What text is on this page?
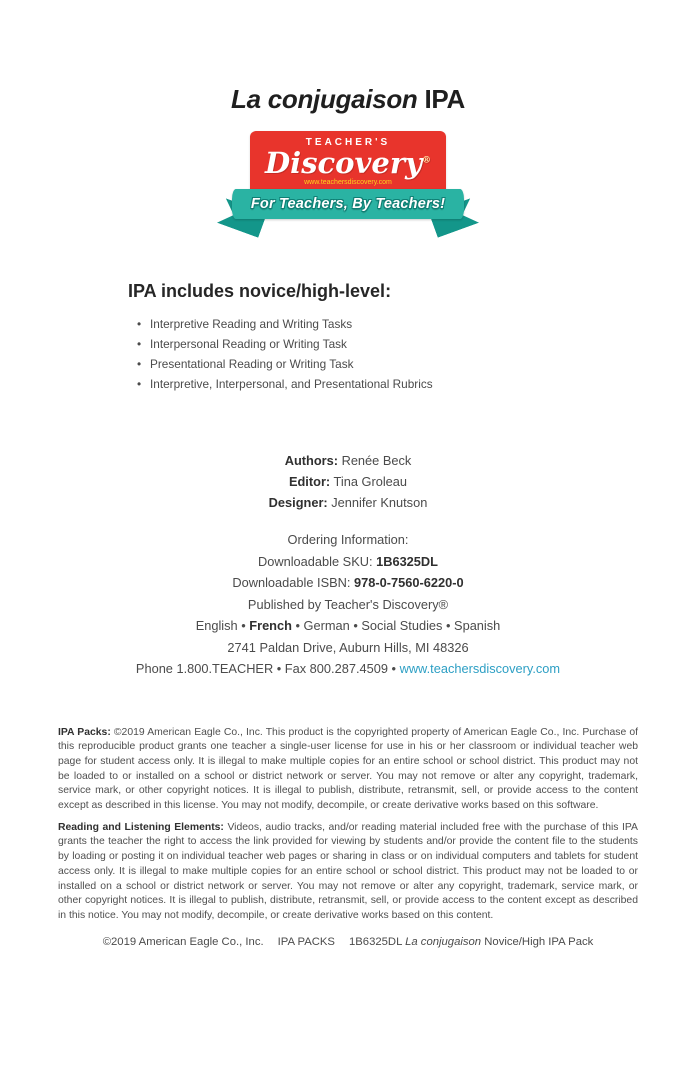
La conjugaison IPA
TEACHER'S
Discovery®
www.teachersdiscovery.com
For Teachers, By Teachers!
IPA includes novice/high-level:
• Interpretive Reading and Writing Tasks
• Interpersonal Reading or Writing Task
• Presentational Reading or Writing Task
• Interpretive, Interpersonal, and Presentational Rubrics
Authors: Renée Beck
Editor: Tina Groleau
Designer: Jennifer Knutson
Ordering Information:
Downloadable SKU: 1B6325DL
Downloadable ISBN: 978-0-7560-6220-0
Published by Teacher's Discovery®
English • French • German • Social Studies • Spanish
2741 Paldan Drive, Auburn Hills, MI 48326
Phone 1.800.TEACHER • Fax 800.287.4509 • www.teachersdiscovery.com

IPA Packs: ©2019 American Eagle Co., Inc. This product is the copyrighted property of American Eagle Co., Inc. Purchase of this reproducible product grants one teacher a single-user license for use in his or her classroom or individual teacher web page for student access only. It is illegal to make multiple copies for an entire school or school district. This product may not be loaded to or installed on a school or district network or server. You may not remove or alter any copyright, trademark, service mark, or other copyright notices. It is illegal to publish, distribute, retransmit, sell, or provide access to the content except as described in this license. You may not modify, decompile, or create derivative works based on this software.

Reading and Listening Elements: Videos, audio tracks, and/or reading material included free with the purchase of this IPA grants the teacher the right to access the link provided for viewing by students and/or provide the content file to the students by loading or posting it on individual teacher web pages or sharing in class or on individual computers and tablets for student access only. It is illegal to make multiple copies for an entire school or school district. This product may not be loaded to or installed on a school or district network or server. You may not remove or alter any copyright, trademark, service mark, or other copyright notices. It is illegal to publish, distribute, retransmit, sell, or provide access to the content except as described in this notice. You may not modify, decompile, or create derivative works based on this content.

©2019 American Eagle Co., Inc. IPA PACKS 1B6325DL La conjugaison Novice/High IPA Pack
